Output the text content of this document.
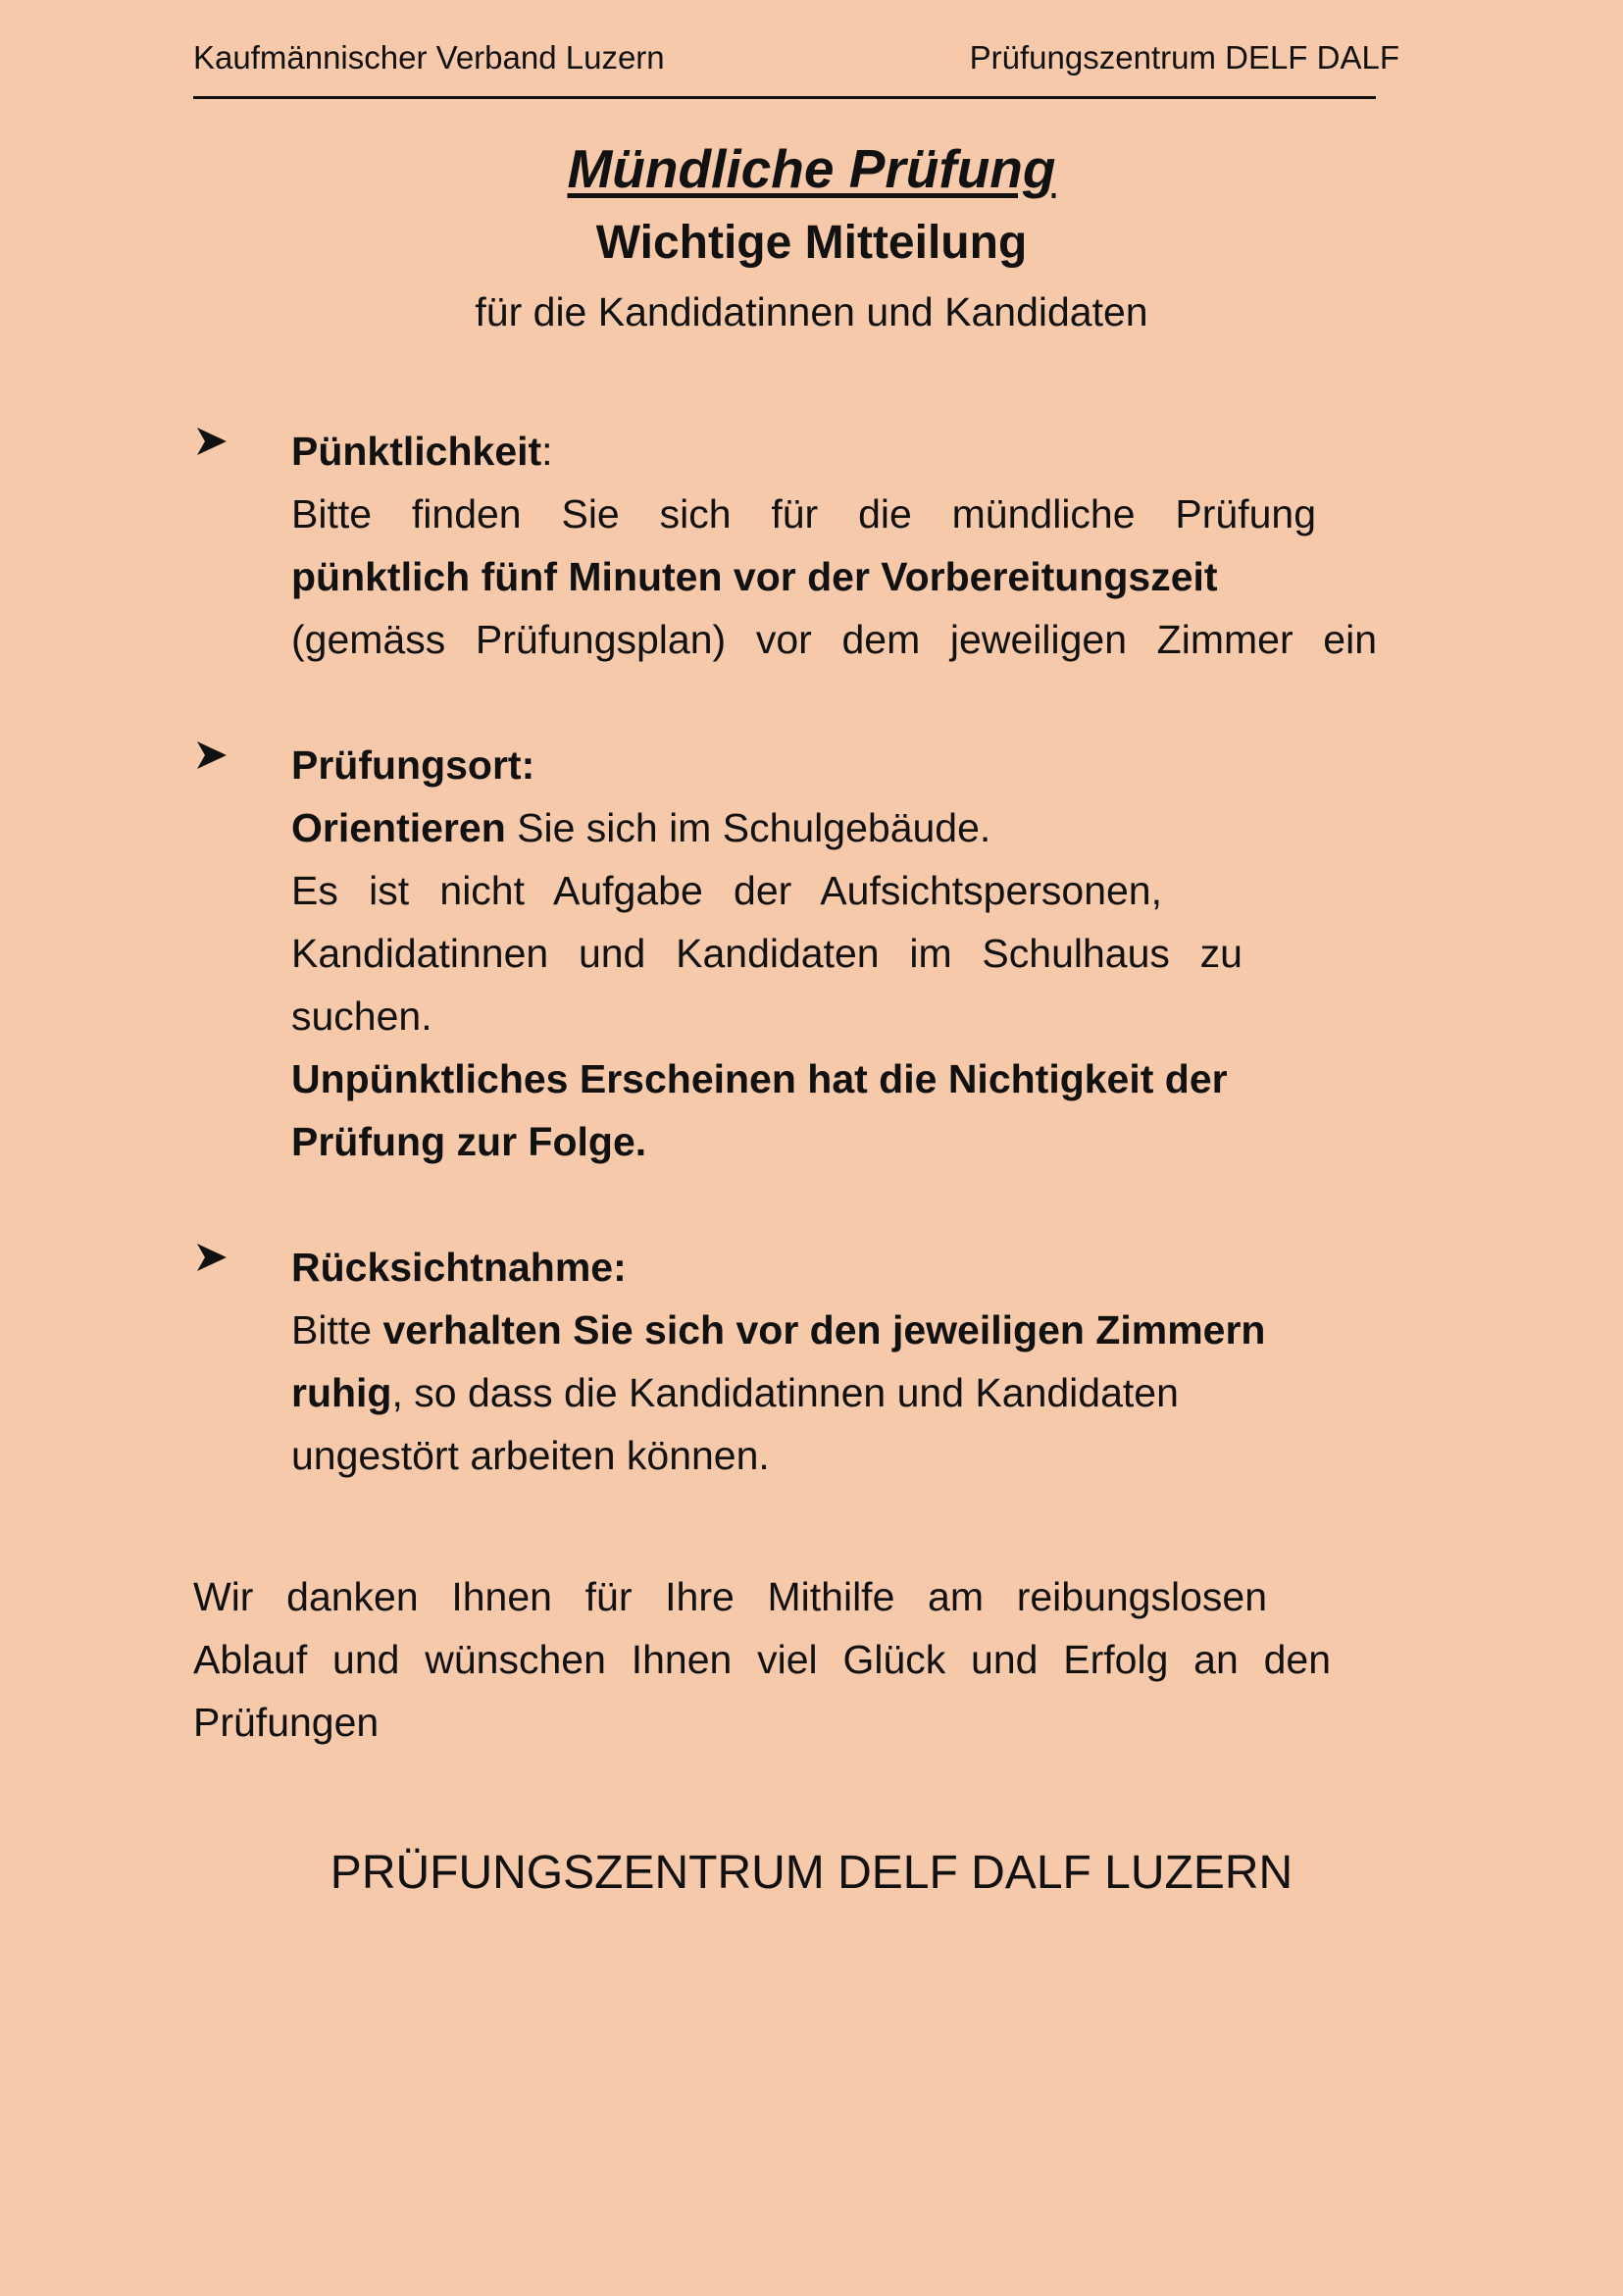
Kaufmännischer Verband Luzern	Prüfungszentrum DELF DALF
Mündliche Prüfung
Wichtige Mitteilung
für die Kandidatinnen und Kandidaten
Pünktlichkeit:
Bitte finden Sie sich für die mündliche Prüfung
pünktlich fünf Minuten vor der Vorbereitungszeit
(gemäss Prüfungsplan) vor dem jeweiligen Zimmer ein
Prüfungsort:
Orientieren Sie sich im Schulgebäude.
Es ist nicht Aufgabe der Aufsichtspersonen,
Kandidatinnen und Kandidaten im Schulhaus zu
suchen.
Unpünktliches Erscheinen hat die Nichtigkeit der
Prüfung zur Folge.
Rücksichtnahme:
Bitte verhalten Sie sich vor den jeweiligen Zimmern
ruhig, so dass die Kandidatinnen und Kandidaten
ungestört arbeiten können.
Wir danken Ihnen für Ihre Mithilfe am reibungslosen
Ablauf und wünschen Ihnen viel Glück und Erfolg an den
Prüfungen
PRÜFUNGSZENTRUM DELF DALF LUZERN
